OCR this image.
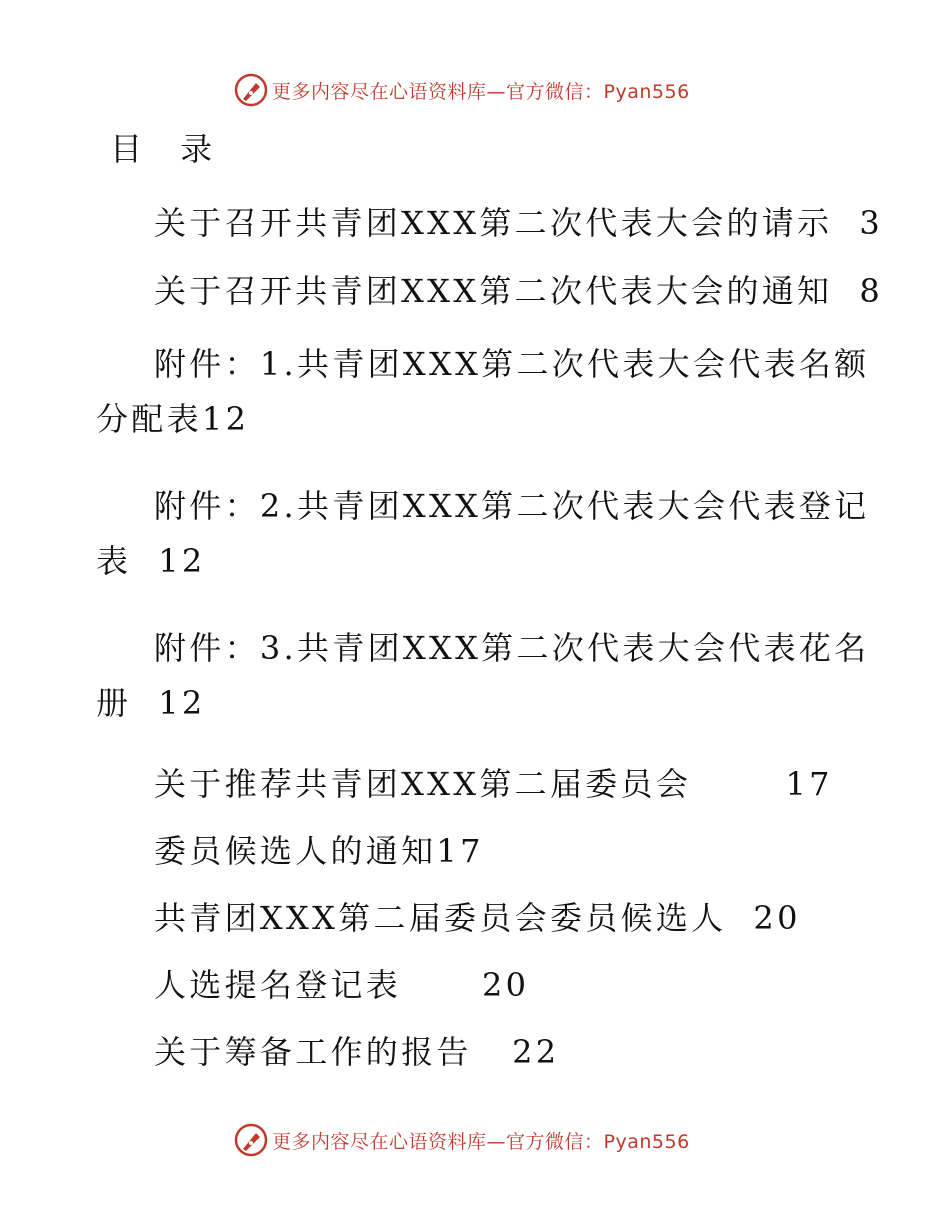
更多内容尽在心语资料库—官方微信：Pyan556
目 录
关于召开共青团XXX第二次代表大会的请示 3
关于召开共青团XXX第二次代表大会的通知 8
附件：1.共青团XXX第二次代表大会代表名额
分配表12
附件：2.共青团XXX第二次代表大会代表登记
表 12
附件：3.共青团XXX第二次代表大会代表花名
册 12
关于推荐共青团XXX第二届委员会	17
委员候选人的通知17
共青团XXX第二届委员会委员候选人 20
人选提名登记表	20
关于筹备工作的报告 22
更多内容尽在心语资料库—官方微信：Pyan556
